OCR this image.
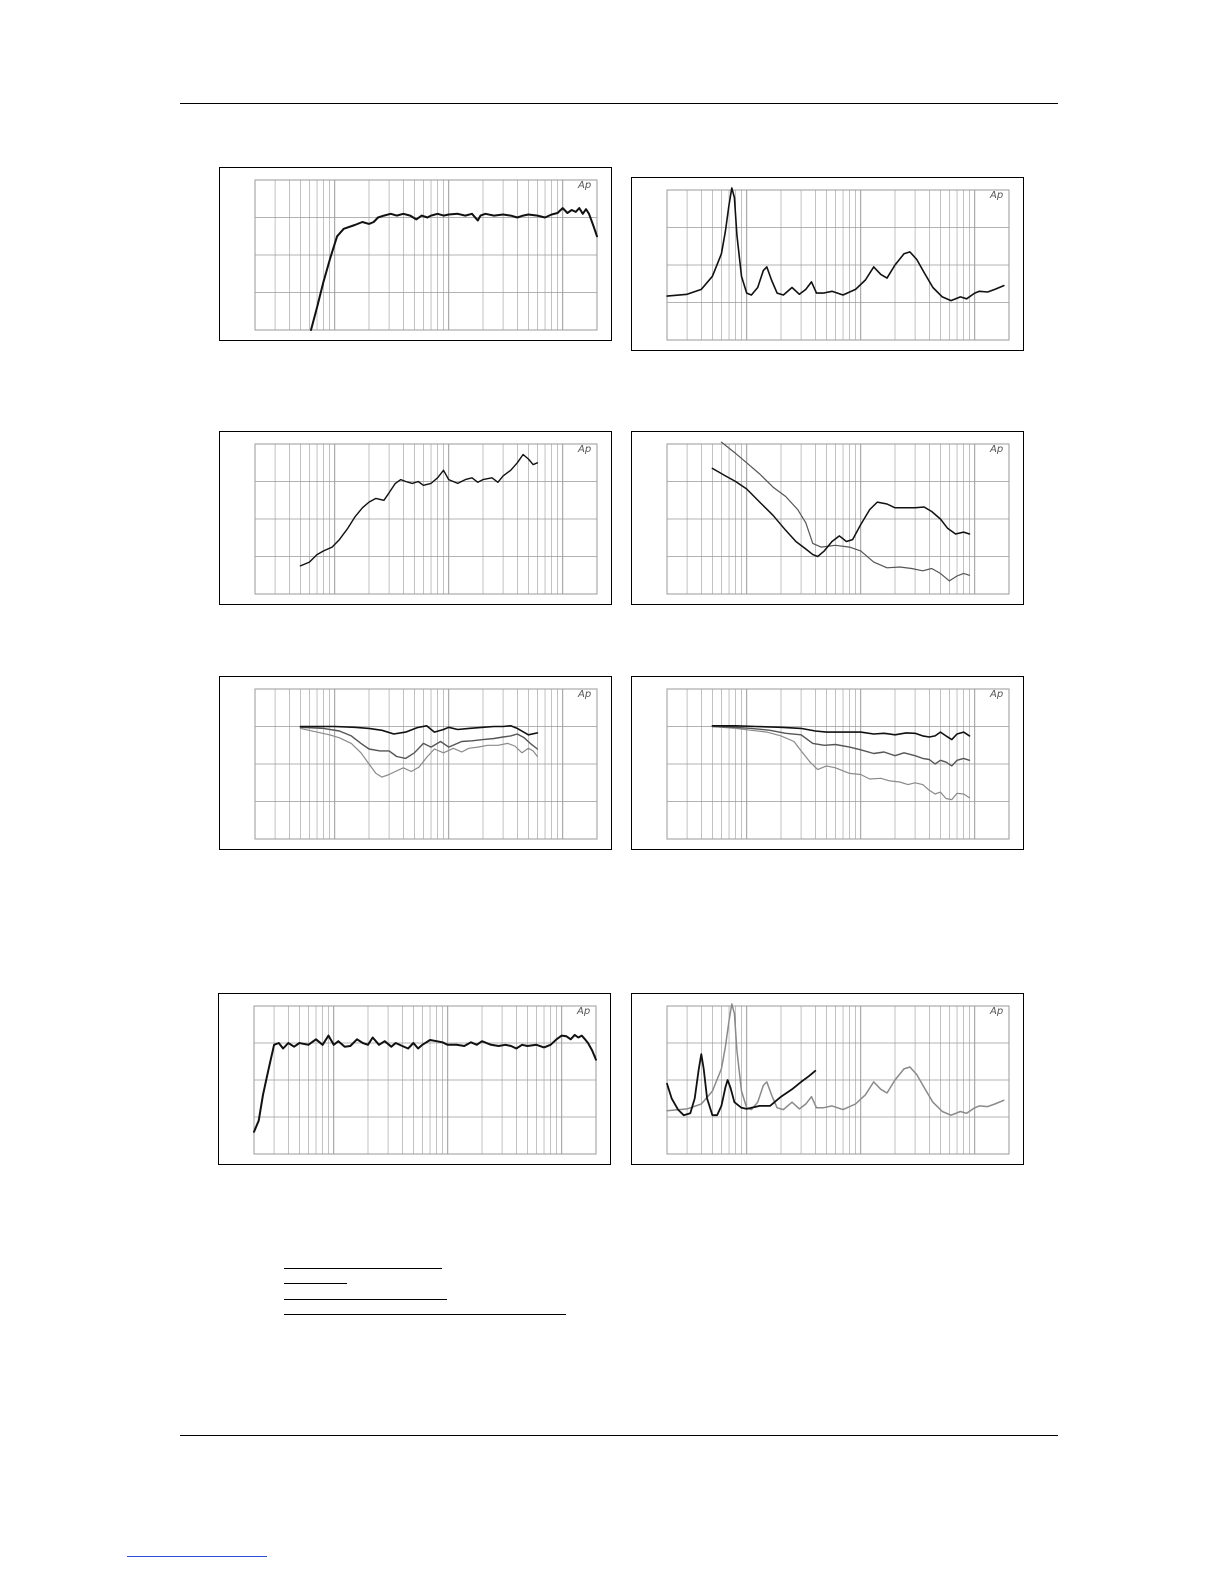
Ap
Ap
Ap	Ap
Ap	Ap
Ap	Ap
